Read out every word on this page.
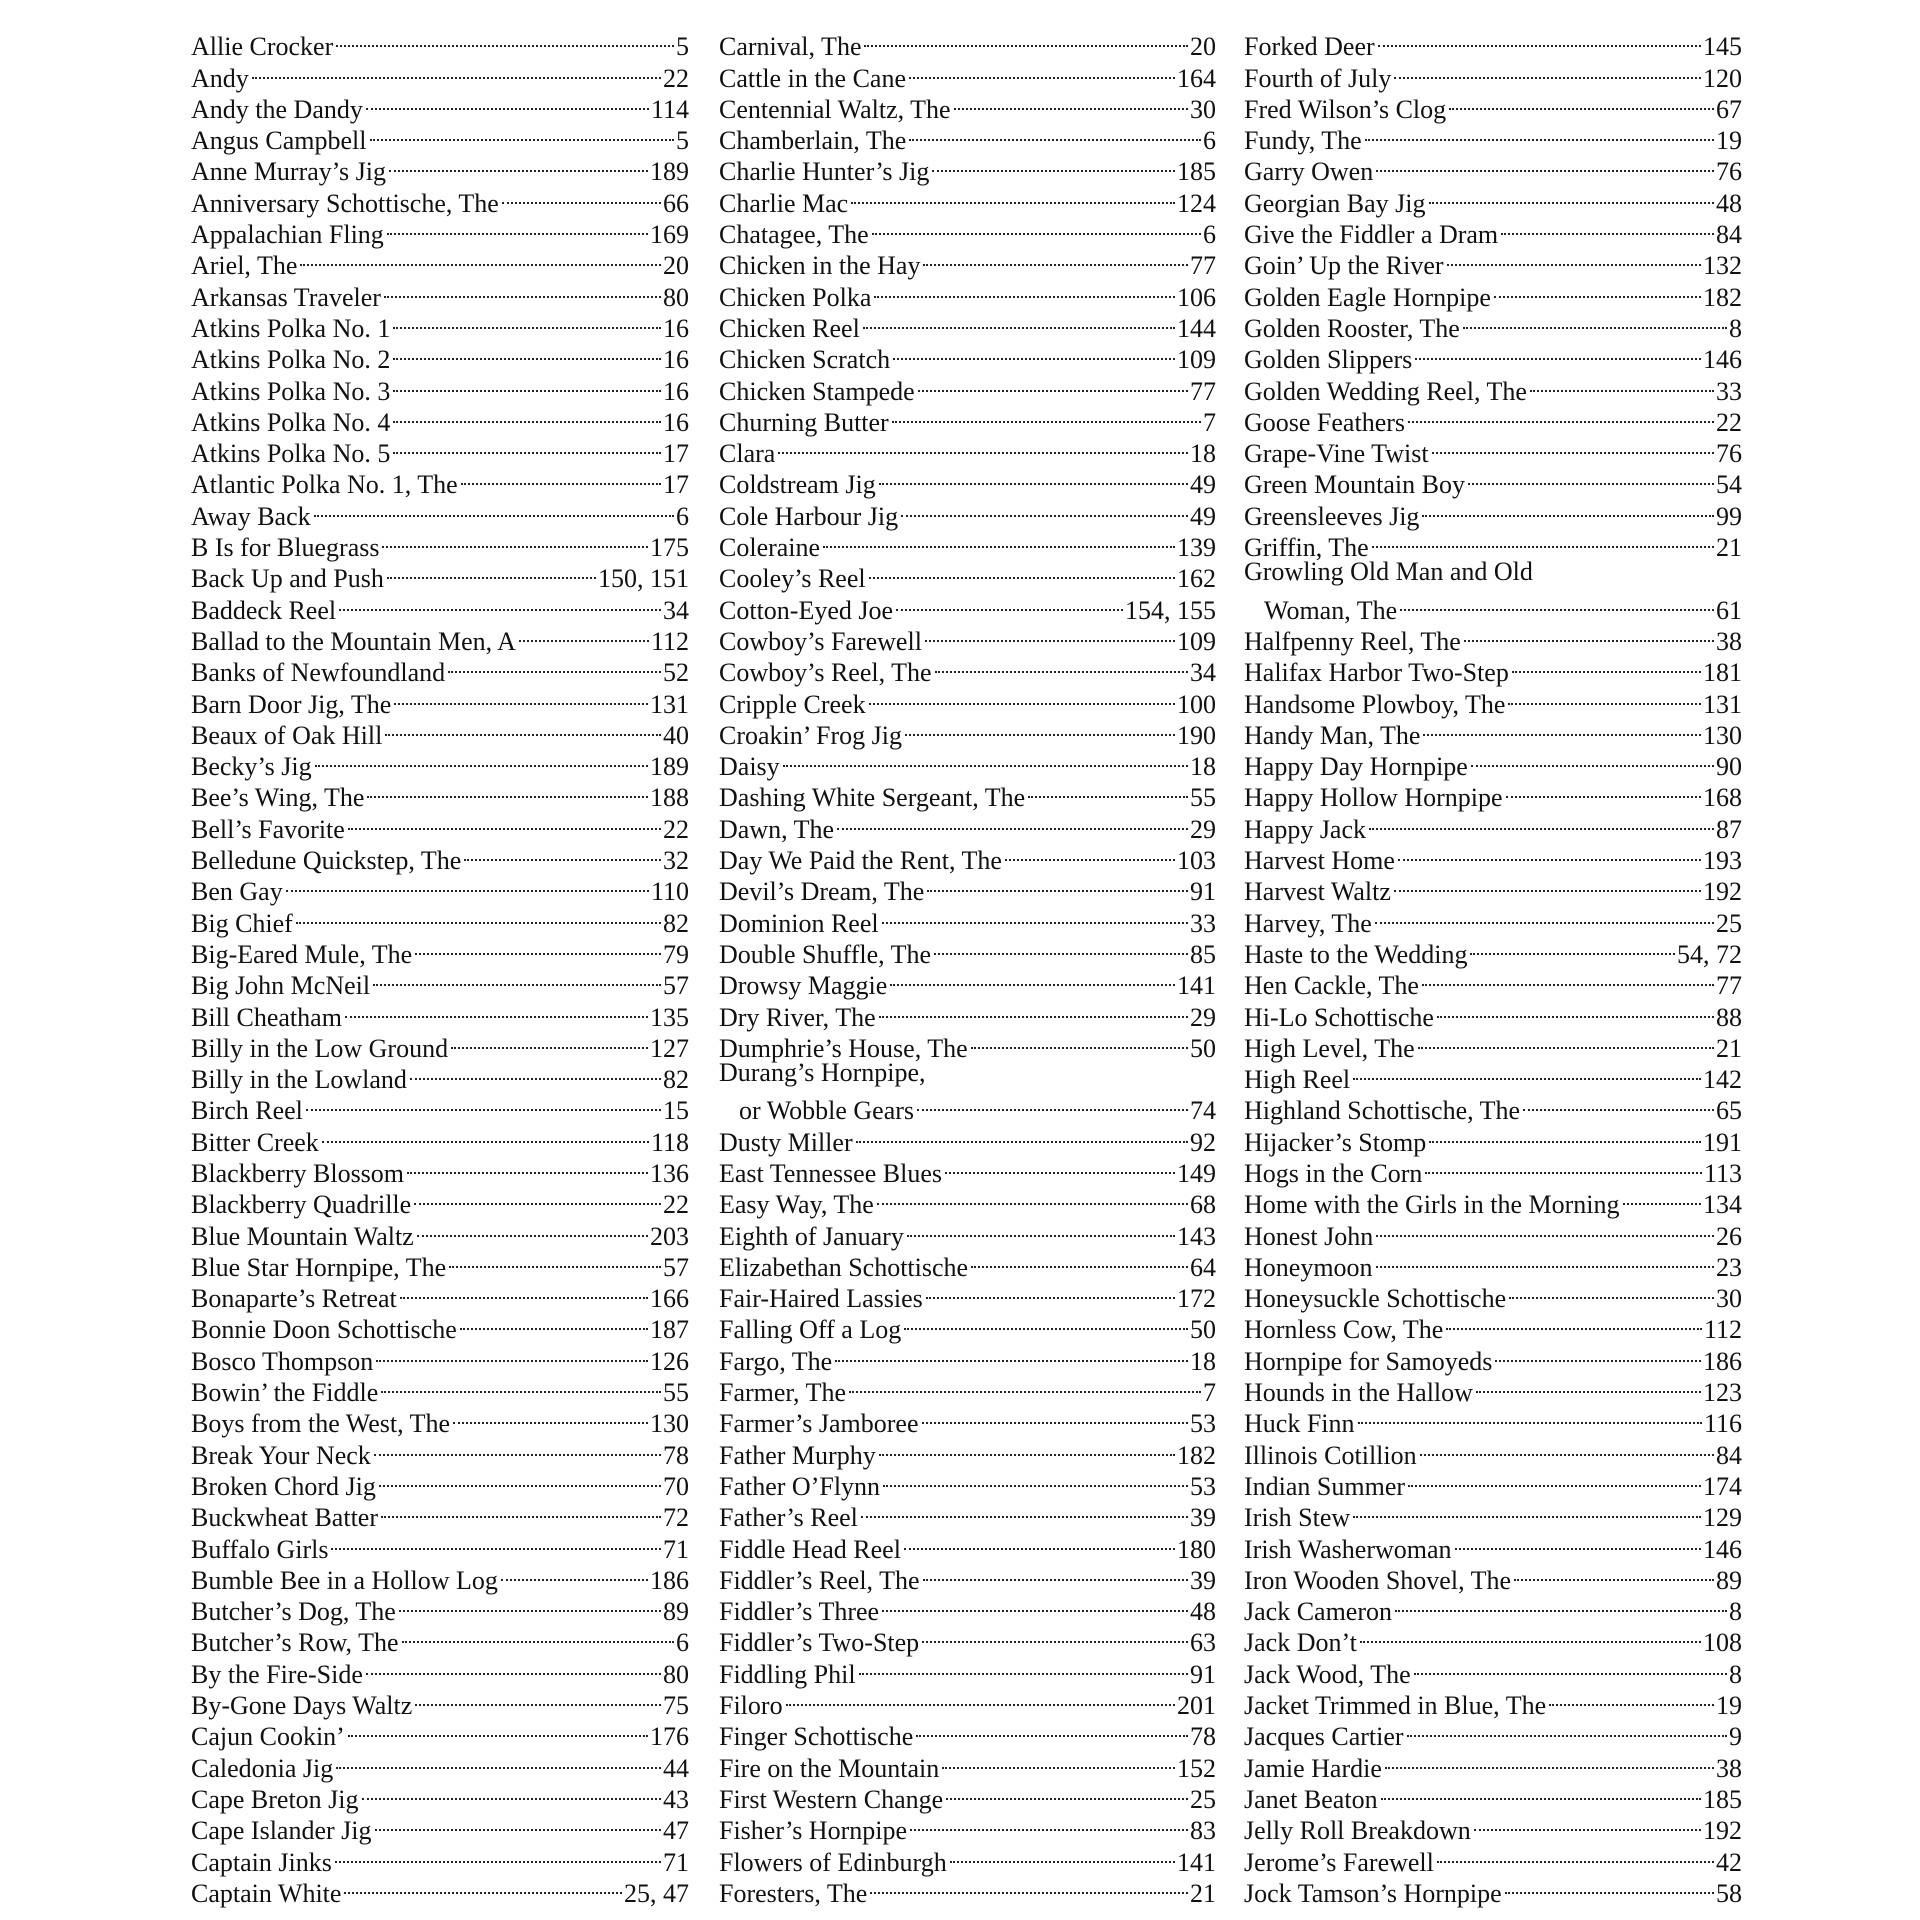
Allie Crocker	5
Andy	22
Andy the Dandy	114
Angus Campbell	5
Anne Murray’s Jig	189
Anniversary Schottische, The	66
Appalachian Fling	169
Ariel, The	20
Arkansas Traveler	80
Atkins Polka No. 1	16
Atkins Polka No. 2	16
Atkins Polka No. 3	16
Atkins Polka No. 4	16
Atkins Polka No. 5	17
Atlantic Polka No. 1, The	17
Away Back	6
B Is for Bluegrass	175
Back Up and Push	150, 151
Baddeck Reel	34
Ballad to the Mountain Men, A	112
Banks of Newfoundland	52
Barn Door Jig, The	131
Beaux of Oak Hill	40
Becky’s Jig	189
Bee’s Wing, The	188
Bell’s Favorite	22
Belledune Quickstep, The	32
Ben Gay	110
Big Chief	82
Big-Eared Mule, The	79
Big John McNeil	57
Bill Cheatham	135
Billy in the Low Ground	127
Billy in the Lowland	82
Birch Reel	15
Bitter Creek	118
Blackberry Blossom	136
Blackberry Quadrille	22
Blue Mountain Waltz	203
Blue Star Hornpipe, The	57
Bonaparte’s Retreat	166
Bonnie Doon Schottische	187
Bosco Thompson	126
Bowin’ the Fiddle	55
Boys from the West, The	130
Break Your Neck	78
Broken Chord Jig	70
Buckwheat Batter	72
Buffalo Girls	71
Bumble Bee in a Hollow Log	186
Butcher’s Dog, The	89
Butcher’s Row, The	6
By the Fire-Side	80
By-Gone Days Waltz	75
Cajun Cookin’	176
Caledonia Jig	44
Cape Breton Jig	43
Cape Islander Jig	47
Captain Jinks	71
Captain White	25, 47
Carnival, The	20
Cattle in the Cane	164
Centennial Waltz, The	30
Chamberlain, The	6
Charlie Hunter’s Jig	185
Charlie Mac	124
Chatagee, The	6
Chicken in the Hay	77
Chicken Polka	106
Chicken Reel	144
Chicken Scratch	109
Chicken Stampede	77
Churning Butter	7
Clara	18
Coldstream Jig	49
Cole Harbour Jig	49
Coleraine	139
Cooley’s Reel	162
Cotton-Eyed Joe	154, 155
Cowboy’s Farewell	109
Cowboy’s Reel, The	34
Cripple Creek	100
Croakin’ Frog Jig	190
Daisy	18
Dashing White Sergeant, The	55
Dawn, The	29
Day We Paid the Rent, The	103
Devil’s Dream, The	91
Dominion Reel	33
Double Shuffle, The	85
Drowsy Maggie	141
Dry River, The	29
Dumphrie’s House, The	50
Durang’s Hornpipe,
or Wobble Gears	74
Dusty Miller	92
East Tennessee Blues	149
Easy Way, The	68
Eighth of January	143
Elizabethan Schottische	64
Fair-Haired Lassies	172
Falling Off a Log	50
Fargo, The	18
Farmer, The	7
Farmer’s Jamboree	53
Father Murphy	182
Father O’Flynn	53
Father’s Reel	39
Fiddle Head Reel	180
Fiddler’s Reel, The	39
Fiddler’s Three	48
Fiddler’s Two-Step	63
Fiddling Phil	91
Filoro	201
Finger Schottische	78
Fire on the Mountain	152
First Western Change	25
Fisher’s Hornpipe	83
Flowers of Edinburgh	141
Foresters, The	21
Forked Deer	145
Fourth of July	120
Fred Wilson’s Clog	67
Fundy, The	19
Garry Owen	76
Georgian Bay Jig	48
Give the Fiddler a Dram	84
Goin’ Up the River	132
Golden Eagle Hornpipe	182
Golden Rooster, The	8
Golden Slippers	146
Golden Wedding Reel, The	33
Goose Feathers	22
Grape-Vine Twist	76
Green Mountain Boy	54
Greensleeves Jig	99
Griffin, The	21
Growling Old Man and Old
Woman, The	61
Halfpenny Reel, The	38
Halifax Harbor Two-Step	181
Handsome Plowboy, The	131
Handy Man, The	130
Happy Day Hornpipe	90
Happy Hollow Hornpipe	168
Happy Jack	87
Harvest Home	193
Harvest Waltz	192
Harvey, The	25
Haste to the Wedding	54, 72
Hen Cackle, The	77
Hi-Lo Schottische	88
High Level, The	21
High Reel	142
Highland Schottische, The	65
Hijacker’s Stomp	191
Hogs in the Corn	113
Home with the Girls in the Morning	134
Honest John	26
Honeymoon	23
Honeysuckle Schottische	30
Hornless Cow, The	112
Hornpipe for Samoyeds	186
Hounds in the Hallow	123
Huck Finn	116
Illinois Cotillion	84
Indian Summer	174
Irish Stew	129
Irish Washerwoman	146
Iron Wooden Shovel, The	89
Jack Cameron	8
Jack Don’t	108
Jack Wood, The	8
Jacket Trimmed in Blue, The	19
Jacques Cartier	9
Jamie Hardie	38
Janet Beaton	185
Jelly Roll Breakdown	192
Jerome’s Farewell	42
Jock Tamson’s Hornpipe	58
